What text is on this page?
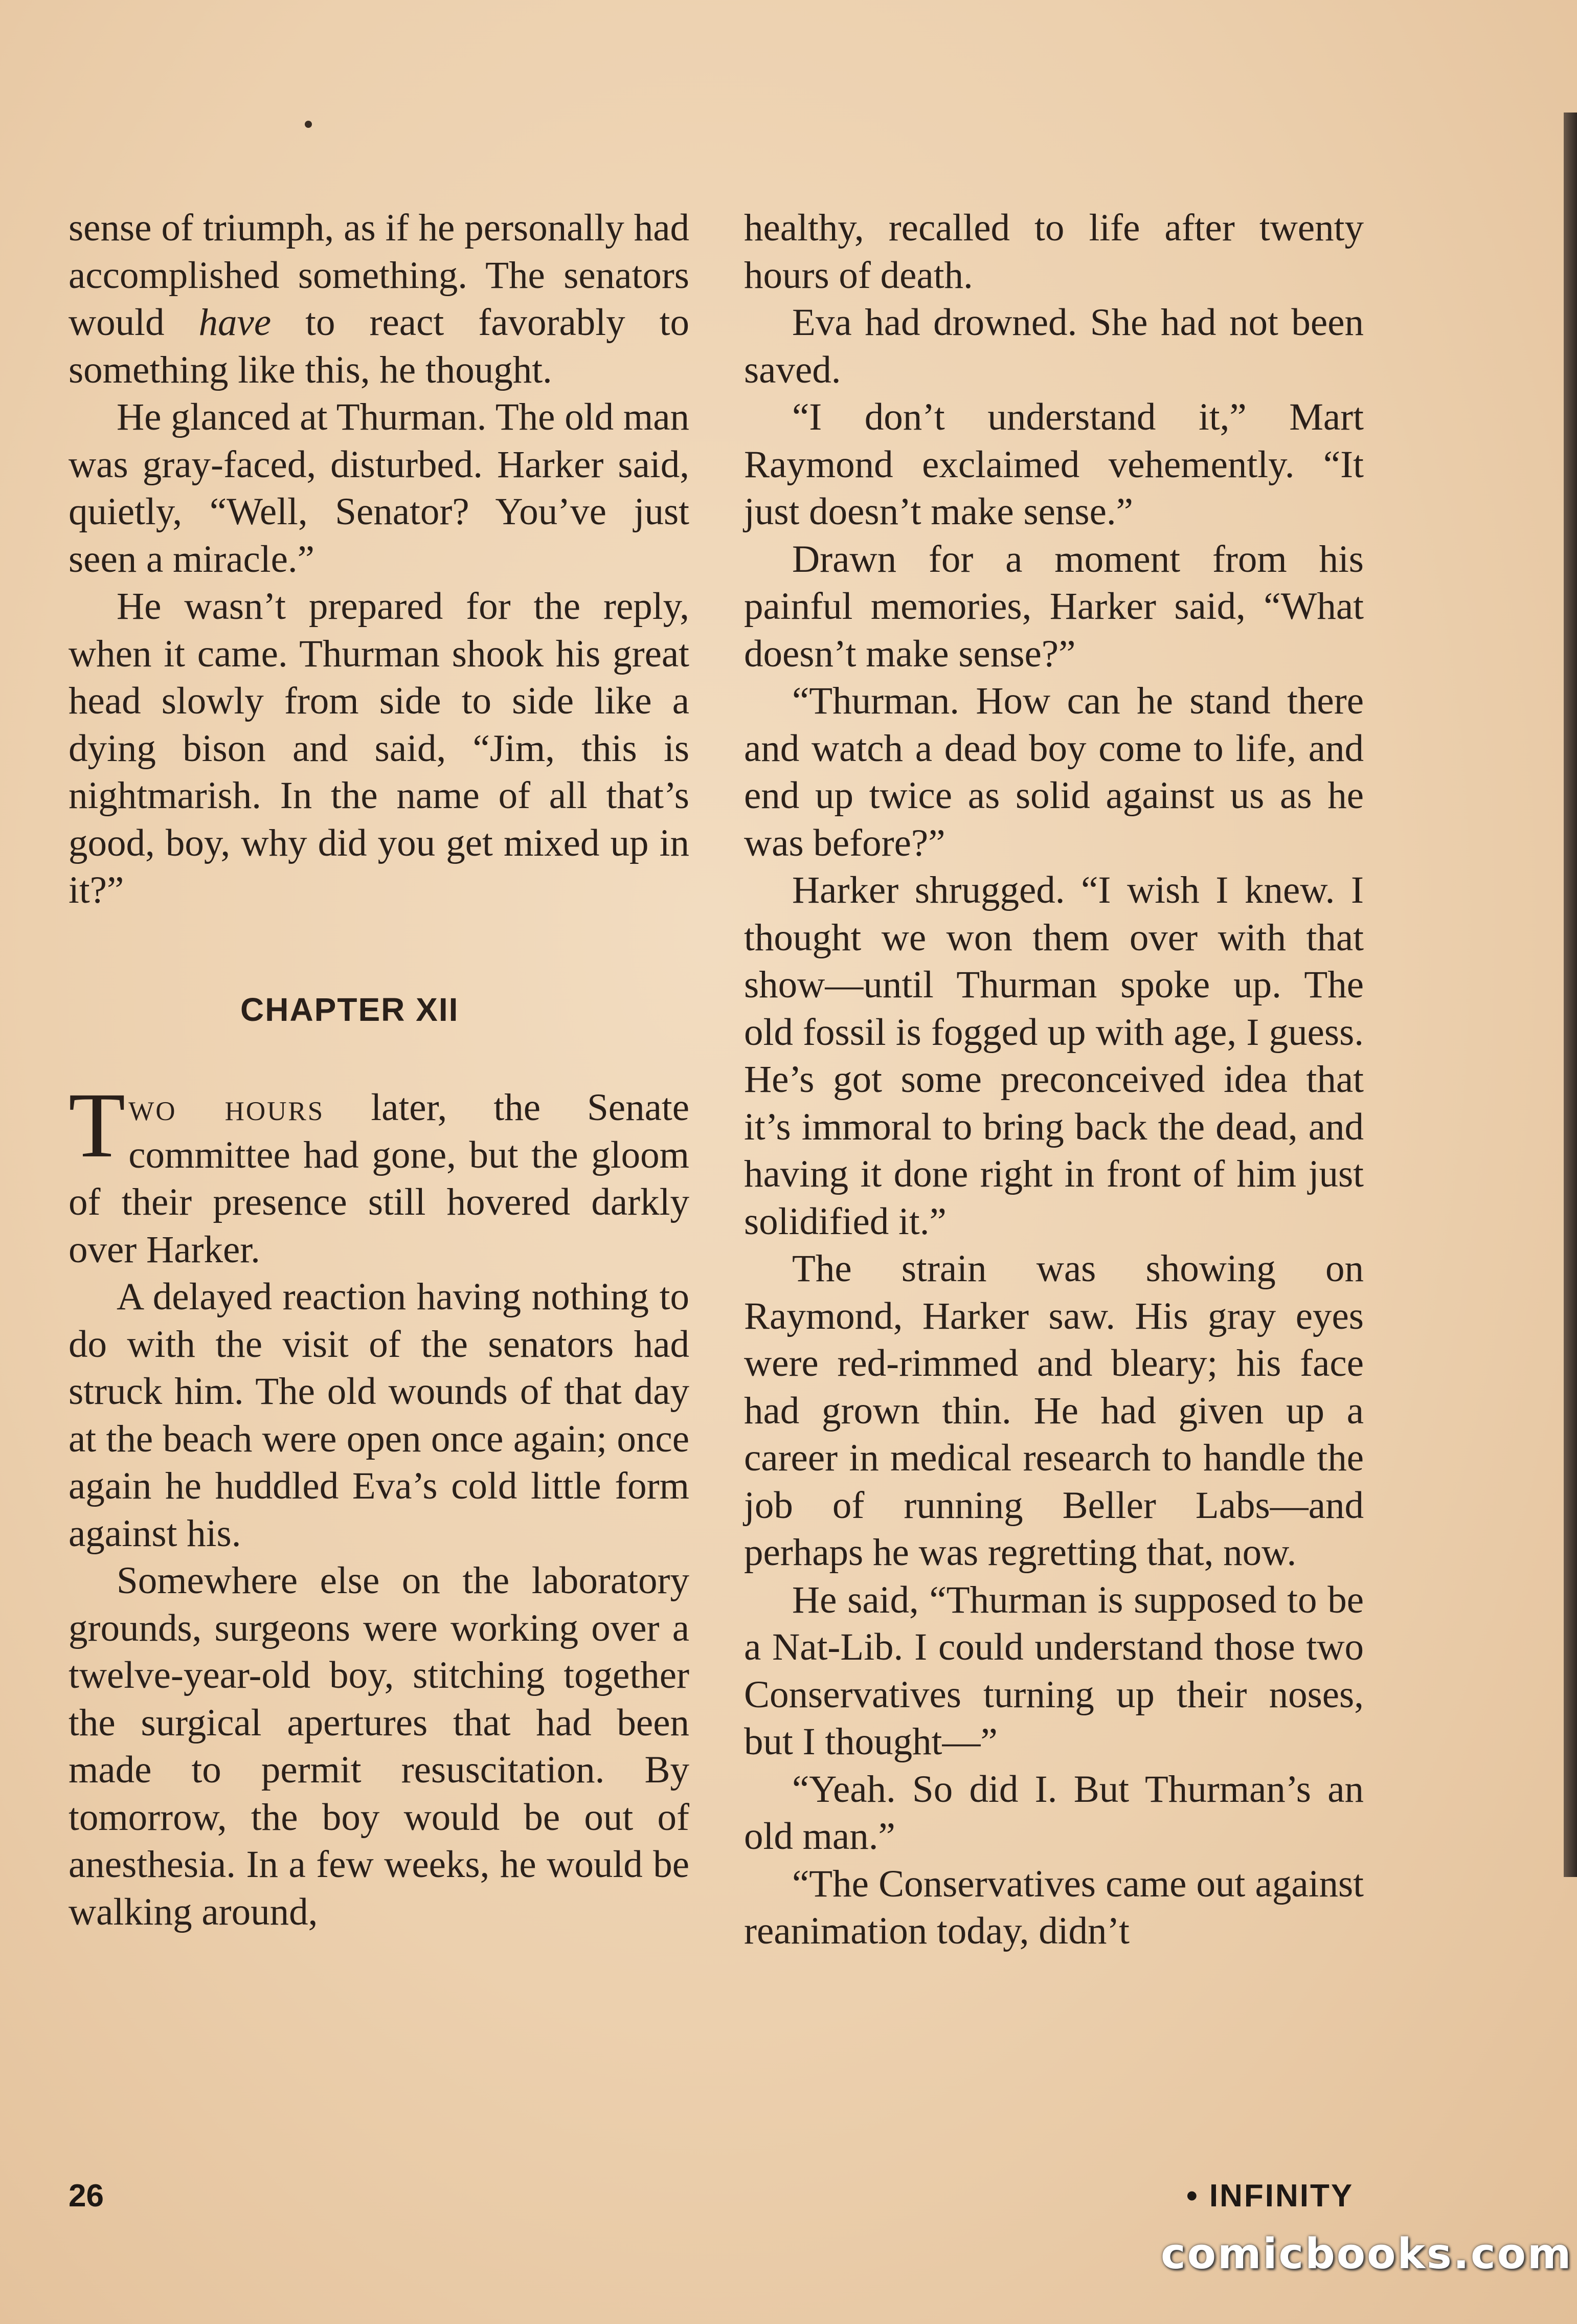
sense of triumph, as if he personally had accomplished something. The senators would have to react favorably to something like this, he thought.

He glanced at Thurman. The old man was gray-faced, disturbed. Harker said, quietly, “Well, Senator? You’ve just seen a miracle.”

He wasn’t prepared for the reply, when it came. Thurman shook his great head slowly from side to side like a dying bison and said, “Jim, this is nightmarish. In the name of all that’s good, boy, why did you get mixed up in it?”

CHAPTER XII

Two hours later, the Senate committee had gone, but the gloom of their presence still hovered darkly over Harker.

A delayed reaction having nothing to do with the visit of the senators had struck him. The old wounds of that day at the beach were open once again; once again he huddled Eva’s cold little form against his.

Somewhere else on the laboratory grounds, surgeons were working over a twelve-year-old boy, stitching together the surgical apertures that had been made to permit resuscitation. By tomorrow, the boy would be out of anesthesia. In a few weeks, he would be walking around,

healthy, recalled to life after twenty hours of death.

Eva had drowned. She had not been saved.

“I don’t understand it,” Mart Raymond exclaimed vehemently. “It just doesn’t make sense.”

Drawn for a moment from his painful memories, Harker said, “What doesn’t make sense?”

“Thurman. How can he stand there and watch a dead boy come to life, and end up twice as solid against us as he was before?”

Harker shrugged. “I wish I knew. I thought we won them over with that show—until Thurman spoke up. The old fossil is fogged up with age, I guess. He’s got some preconceived idea that it’s immoral to bring back the dead, and having it done right in front of him just solidified it.”

The strain was showing on Raymond, Harker saw. His gray eyes were red-rimmed and bleary; his face had grown thin. He had given up a career in medical research to handle the job of running Beller Labs—and perhaps he was regretting that, now.

He said, “Thurman is supposed to be a Nat-Lib. I could understand those two Conservatives turning up their noses, but I thought—”

“Yeah. So did I. But Thurman’s an old man.”

“The Conservatives came out against reanimation today, didn’t

26	• INFINITY
comicbooks.com
